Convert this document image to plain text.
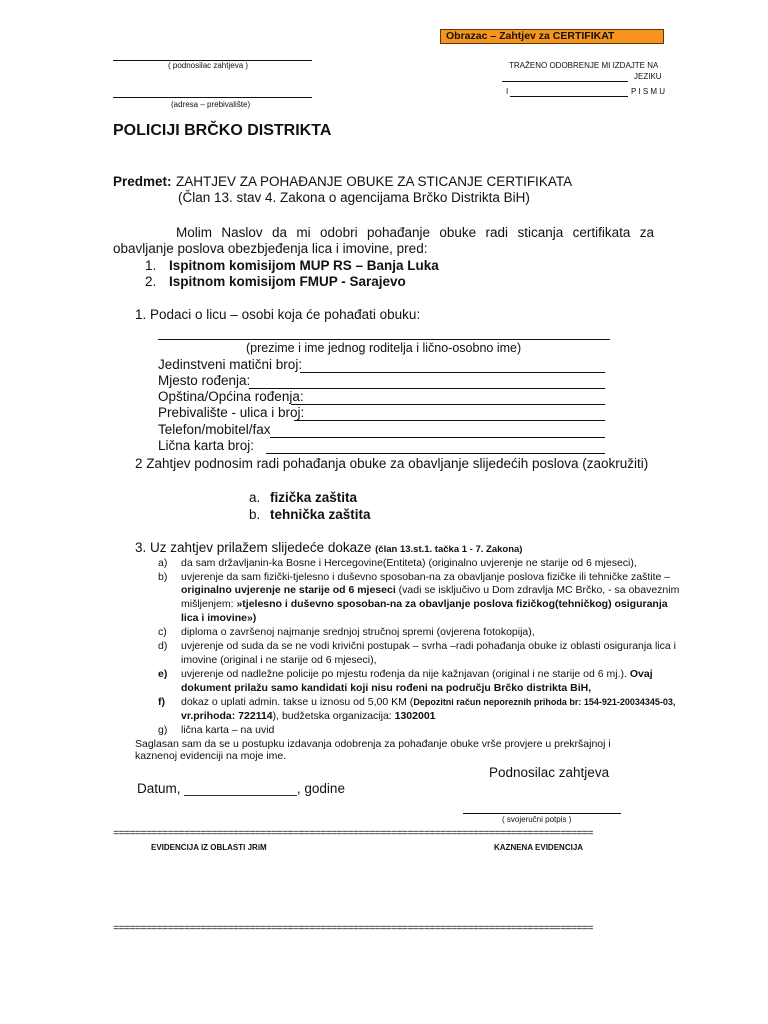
Obrazac – Zahtjev za CERTIFIKAT
( podnosilac zahtjeva )
(adresa – prebivalište)
TRAŽENO ODOBRENJE MI IZDAJTE NA
JEZIKU
I	P I S M U
POLICIJI BRČKO DISTRIKTA
Predmet: ZAHTJEV ZA POHAĐANJE OBUKE ZA STICANJE CERTIFIKATA
(Član 13. stav 4. Zakona o agencijama Brčko Distrikta BiH)
Molim Naslov da mi odobri pohađanje obuke radi sticanja certifikata za obavljanje poslova obezbjeđenja lica i imovine, pred:
1. Ispitnom komisijom MUP RS – Banja Luka
2. Ispitnom komisijom FMUP - Sarajevo
1. Podaci o licu – osobi koja će pohađati obuku:
(prezime i ime jednog roditelja i lično-osobno ime)
Jedinstveni matični broj:
Mjesto rođenja:
Opština/Općina rođenja:
Prebivalište - ulica i broj:
Telefon/mobitel/fax
Lična karta broj:
2 Zahtjev podnosim radi pohađanja obuke za obavljanje slijedećih poslova (zaokružiti)
a. fizička zaštita
b. tehnička zaštita
3. Uz zahtjev prilažem slijedeće dokaze (član 13.st.1. tačka 1 - 7. Zakona)
a) da sam državljanin-ka Bosne i Hercegovine(Entiteta) (originalno uvjerenje ne starije od 6 mjeseci),
b) uvjerenje da sam fizički-tjelesno i duševno sposoban-na za obavljanje poslova fizičke ili tehničke zaštite –
originalno uvjerenje ne starije od 6 mjeseci (vadi se isključivo u Dom zdravlja MC Brčko, - sa obaveznim
mišljenjem: »tjelesno i duševno sposoban-na za obavljanje poslova fizičkog(tehničkog) osiguranja
lica i imovine»)
c) diploma o završenoj najmanje srednjoj stručnoj spremi (ovjerena fotokopija),
d) uvjerenje od suda da se ne vodi krivični postupak – svrha –radi pohađanja obuke iz oblasti osiguranja lica i
imovine (original i ne starije od 6 mjeseci),
e) uvjerenje od nadležne policije po mjestu rođenja da nije kažnjavan (original i ne starije od 6 mj.). Ovaj
dokument prilažu samo kandidati koji nisu rođeni na području Brčko distrikta BiH,
f) dokaz o uplati admin. takse u iznosu od 5,00 KM (Depozitni račun neporeznih prihoda br: 154-921-20034345-03,
vr.prihoda: 722114), budžetska organizacija: 1302001
g) lična karta – na uvid
Saglasan sam da se u postupku izdavanja odobrenja za pohađanje obuke vrše provjere u prekršajnoj i kaznenoj evidenciji na moje ime.
Podnosilac zahtjeva
Datum, _______________, godine
( svojeručni potpis )
========================================================================================
EVIDENCIJA IZ OBLASTI JRiM	KAZNENA EVIDENCIJA
========================================================================================
